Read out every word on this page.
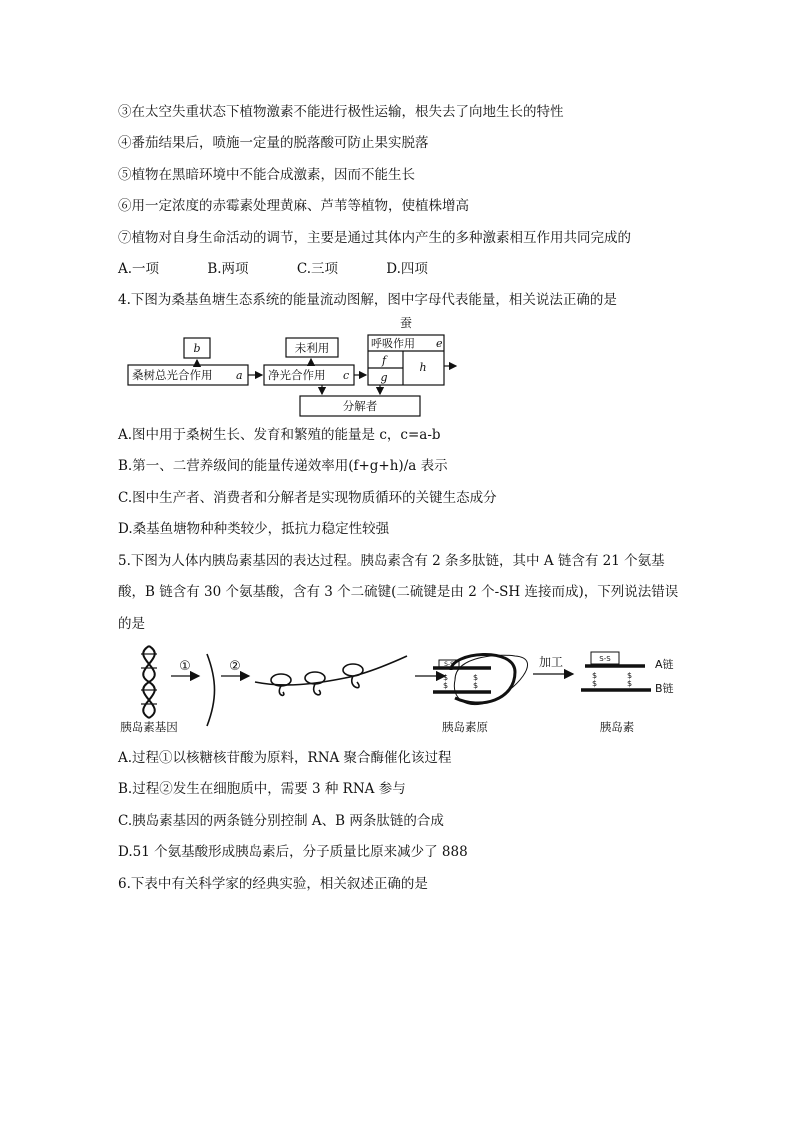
③在太空失重状态下植物激素不能进行极性运输，根失去了向地生长的特性
④番茄结果后，喷施一定量的脱落酸可防止果实脱落
⑤植物在黑暗环境中不能合成激素，因而不能生长
⑥用一定浓度的赤霉素处理黄麻、芦苇等植物，使植株增高
⑦植物对自身生命活动的调节，主要是通过其体内产生的多种激素相互作用共同完成的
A.一项	B.两项	C.三项	D.四项
4.下图为桑基鱼塘生态系统的能量流动图解，图中字母代表能量，相关说法正确的是
蚕
b	未利用	呼吸作用 e
f
g
h
桑树总光合作用 a 净光合作用 c
分解者
A.图中用于桑树生长、发育和繁殖的能量是 c，c=a-b
B.第一、二营养级间的能量传递效率用(f+g+h)/a 表示
C.图中生产者、消费者和分解者是实现物质循环的关键生态成分
D.桑基鱼塘物种种类较少，抵抗力稳定性较强
5.下图为人体内胰岛素基因的表达过程。胰岛素含有 2 条多肽链，其中 A 链含有 21 个氨基
酸，B 链含有 30 个氨基酸，含有 3 个二硫键(二硫键是由 2 个-SH 连接而成)，下列说法错误
的是
①	②	S-S
$
$
$
$
加工	S-S
$
$
$
$
A链
B链
胰岛素基因	胰岛素原	胰岛素
A.过程①以核糖核苷酸为原料，RNA 聚合酶催化该过程
B.过程②发生在细胞质中，需要 3 种 RNA 参与
C.胰岛素基因的两条链分别控制 A、B 两条肽链的合成
D.51 个氨基酸形成胰岛素后，分子质量比原来减少了 888
6.下表中有关科学家的经典实验，相关叙述正确的是
